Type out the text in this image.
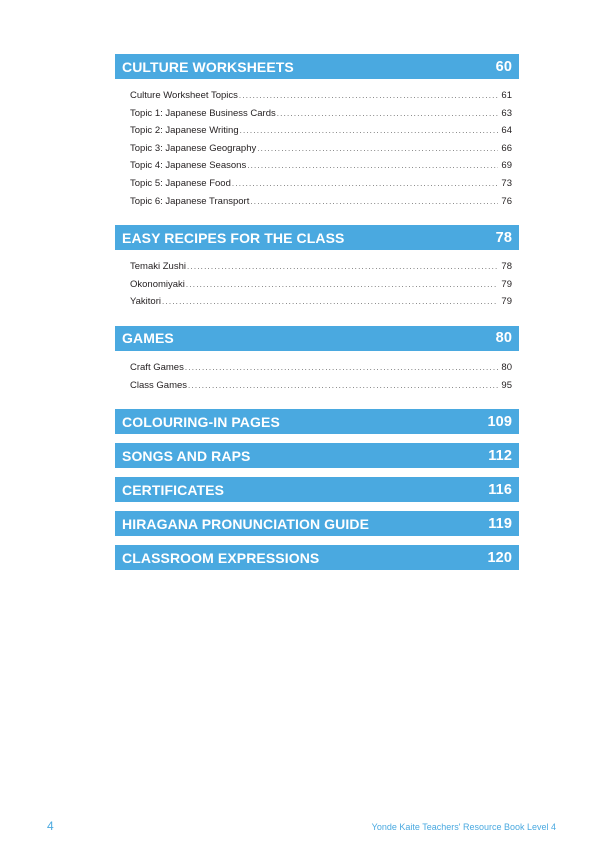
CULTURE WORKSHEETS	60
Culture Worksheet Topics .....	61
Topic 1: Japanese Business Cards .....	63
Topic 2: Japanese Writing .....	64
Topic 3: Japanese Geography .....	66
Topic 4: Japanese Seasons .....	69
Topic 5: Japanese Food .....	73
Topic 6: Japanese Transport .....	76
EASY RECIPES FOR THE CLASS	78
Temaki Zushi .....	78
Okonomiyaki .....	79
Yakitori .....	79
GAMES	80
Craft Games .....	80
Class Games .....	95
COLOURING-IN PAGES	109
SONGS AND RAPS	112
CERTIFICATES	116
HIRAGANA PRONUNCIATION GUIDE	119
CLASSROOM EXPRESSIONS	120
4	Yonde Kaite Teachers' Resource Book Level 4
